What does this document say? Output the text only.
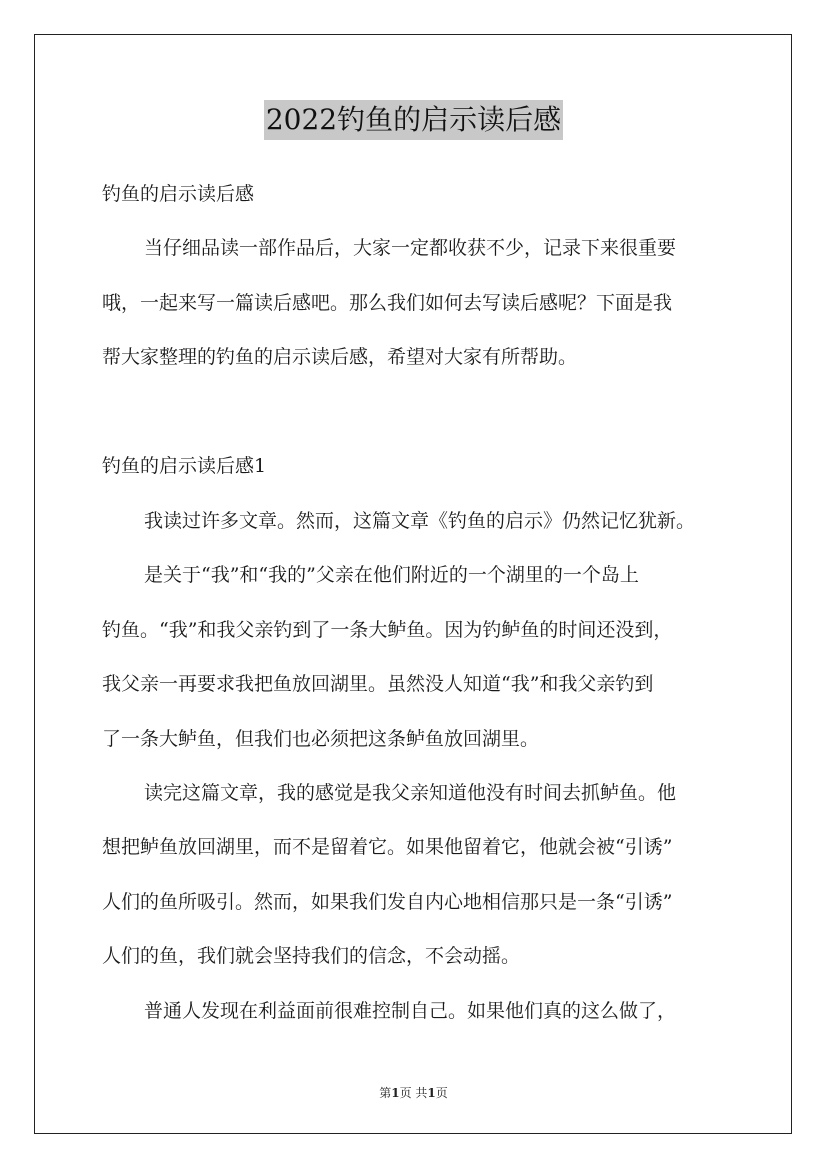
2022钓鱼的启示读后感
钓鱼的启示读后感
当仔细品读一部作品后，大家一定都收获不少，记录下来很重要
哦，一起来写一篇读后感吧。那么我们如何去写读后感呢？下面是我
帮大家整理的钓鱼的启示读后感，希望对大家有所帮助。
钓鱼的启示读后感1
我读过许多文章。然而，这篇文章《钓鱼的启示》仍然记忆犹新。
是关于“我”和“我的”父亲在他们附近的一个湖里的一个岛上
钓鱼。“我”和我父亲钓到了一条大鲈鱼。因为钓鲈鱼的时间还没到，
我父亲一再要求我把鱼放回湖里。虽然没人知道“我”和我父亲钓到
了一条大鲈鱼，但我们也必须把这条鲈鱼放回湖里。
读完这篇文章，我的感觉是我父亲知道他没有时间去抓鲈鱼。他
想把鲈鱼放回湖里，而不是留着它。如果他留着它，他就会被“引诱”
人们的鱼所吸引。然而，如果我们发自内心地相信那只是一条“引诱”
人们的鱼，我们就会坚持我们的信念，不会动摇。
普通人发现在利益面前很难控制自己。如果他们真的这么做了，
第1页 共1页
